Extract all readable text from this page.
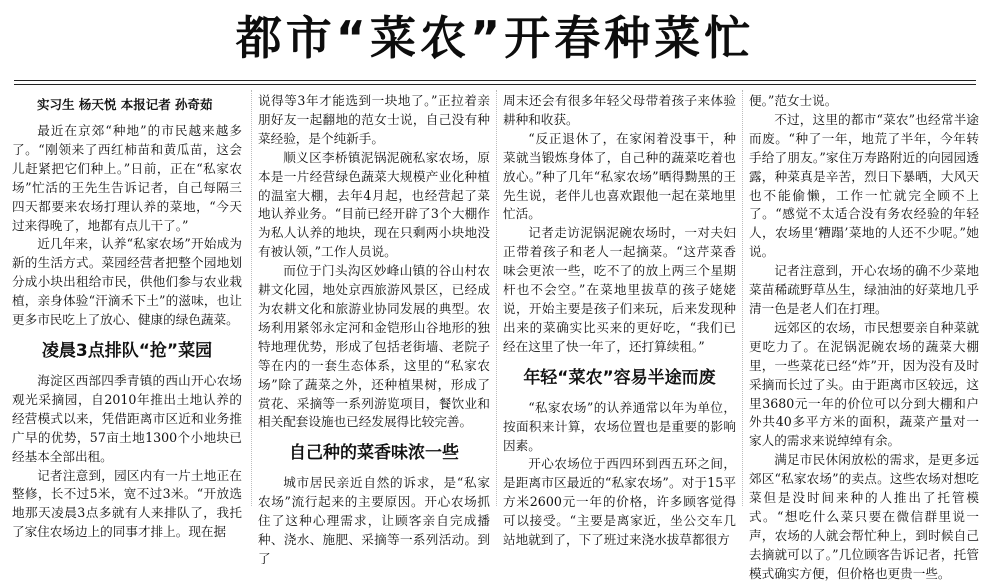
都市“菜农”开春种菜忙
实习生 杨天悦 本报记者 孙奇茹

最近在京郊“种地”的市民越来越多了。“刚领来了西红柿苗和黄瓜苗，这会儿赶紧把它们种上。”日前，正在“私家农场”忙活的王先生告诉记者，自己每隔三四天都要来农场打理认养的菜地，“今天过来得晚了，地都有点儿干了。”

近几年来，认养“私家农场”开始成为新的生活方式。菜园经营者把整个园地划分成小块出租给市民，供他们参与农业栽植，亲身体验“汗滴禾下土”的滋味，也让更多市民吃上了放心、健康的绿色蔬菜。

凌晨3点排队“抢”菜园

海淀区西部四季青镇的西山开心农场观光采摘园，自2010年推出土地认养的经营模式以来，凭借距离市区近和业务推广早的优势，57亩土地1300个小地块已经基本全部出租。

记者注意到，园区内有一片土地正在整修，长不过5米，宽不过3米。“开放选地那天凌晨3点多就有人来排队了，我托了家住农场边上的同事才排上。现在据

说得等3年才能选到一块地了。”正拉着亲朋好友一起翻地的范女士说，自己没有种菜经验，是个纯新手。

顺义区李桥镇泥锅泥碗私家农场，原本是一片经营绿色蔬菜大规模产业化种植的温室大棚，去年4月起，也经营起了菜地认养业务。“目前已经开辟了3个大棚作为私人认养的地块，现在只剩两小块地没有被认领，”工作人员说。

而位于门头沟区妙峰山镇的谷山村农耕文化园，地处京西旅游风景区，已经成为农耕文化和旅游业协同发展的典型。农场利用紧邻永定河和金铠形山谷地形的独特地理优势，形成了包括老街墙、老院子等在内的一套生态体系，这里的“私家农场”除了蔬菜之外，还种植果树，形成了赏花、采摘等一系列游览项目，餐饮业和相关配套设施也已经发展得比较完善。

自己种的菜香味浓一些

城市居民亲近自然的诉求，是“私家农场”流行起来的主要原因。开心农场抓住了这种心理需求，让顾客亲自完成播种、浇水、施肥、采摘等一系列活动。到了

周末还会有很多年轻父母带着孩子来体验耕种和收获。

“反正退休了，在家闲着没事干，种菜就当锻炼身体了，自己种的蔬菜吃着也放心。”种了几年“私家农场”晒得黝黑的王先生说，老伴儿也喜欢跟他一起在菜地里忙活。

记者走访泥锅泥碗农场时，一对夫妇正带着孩子和老人一起摘菜。“这芹菜香味会更浓一些，吃不了的放上两三个星期杆也不会空。”在菜地里拔草的孩子姥姥说，开始主要是孩子们来玩，后来发现种出来的菜确实比买来的更好吃，“我们已经在这里了快一年了，还打算续租。”

年轻“菜农”容易半途而废

“私家农场”的认养通常以年为单位，按面积来计算，农场位置也是重要的影响因素。

开心农场位于西四环到西五环之间，是距离市区最近的“私家农场”。对于15平方米2600元一年的价格，许多顾客觉得可以接受。“主要是离家近，坐公交车几站地就到了，下了班过来浇水拔草都很方

便。”范女士说。

不过，这里的都市“菜农”也经常半途而废。“种了一年，地荒了半年，今年转手给了朋友。”家住万寿路附近的向园园透露，种菜真是辛苦，烈日下暴晒，大风天也不能偷懒，工作一忙就完全顾不上了。“感觉不太适合没有务农经验的年轻人，农场里‘糟蹋’菜地的人还不少呢。”她说。

记者注意到，开心农场的确不少菜地菜苗稀疏野草丛生，绿油油的好菜地几乎清一色是老人们在打理。

远郊区的农场，市民想要亲自种菜就更吃力了。在泥锅泥碗农场的蔬菜大棚里，一些菜花已经“炸”开，因为没有及时采摘而长过了头。由于距离市区较远，这里3680元一年的价位可以分到大棚和户外共40多平方米的面积，蔬菜产量对一家人的需求来说绰绰有余。

满足市民休闲放松的需求，是更多远郊区“私家农场”的卖点。这些农场对想吃菜但是没时间来种的人推出了托管模式。“想吃什么菜只要在微信群里说一声，农场的人就会帮忙种上，到时候自己去摘就可以了。”几位顾客告诉记者，托管模式确实方便，但价格也更贵一些。
